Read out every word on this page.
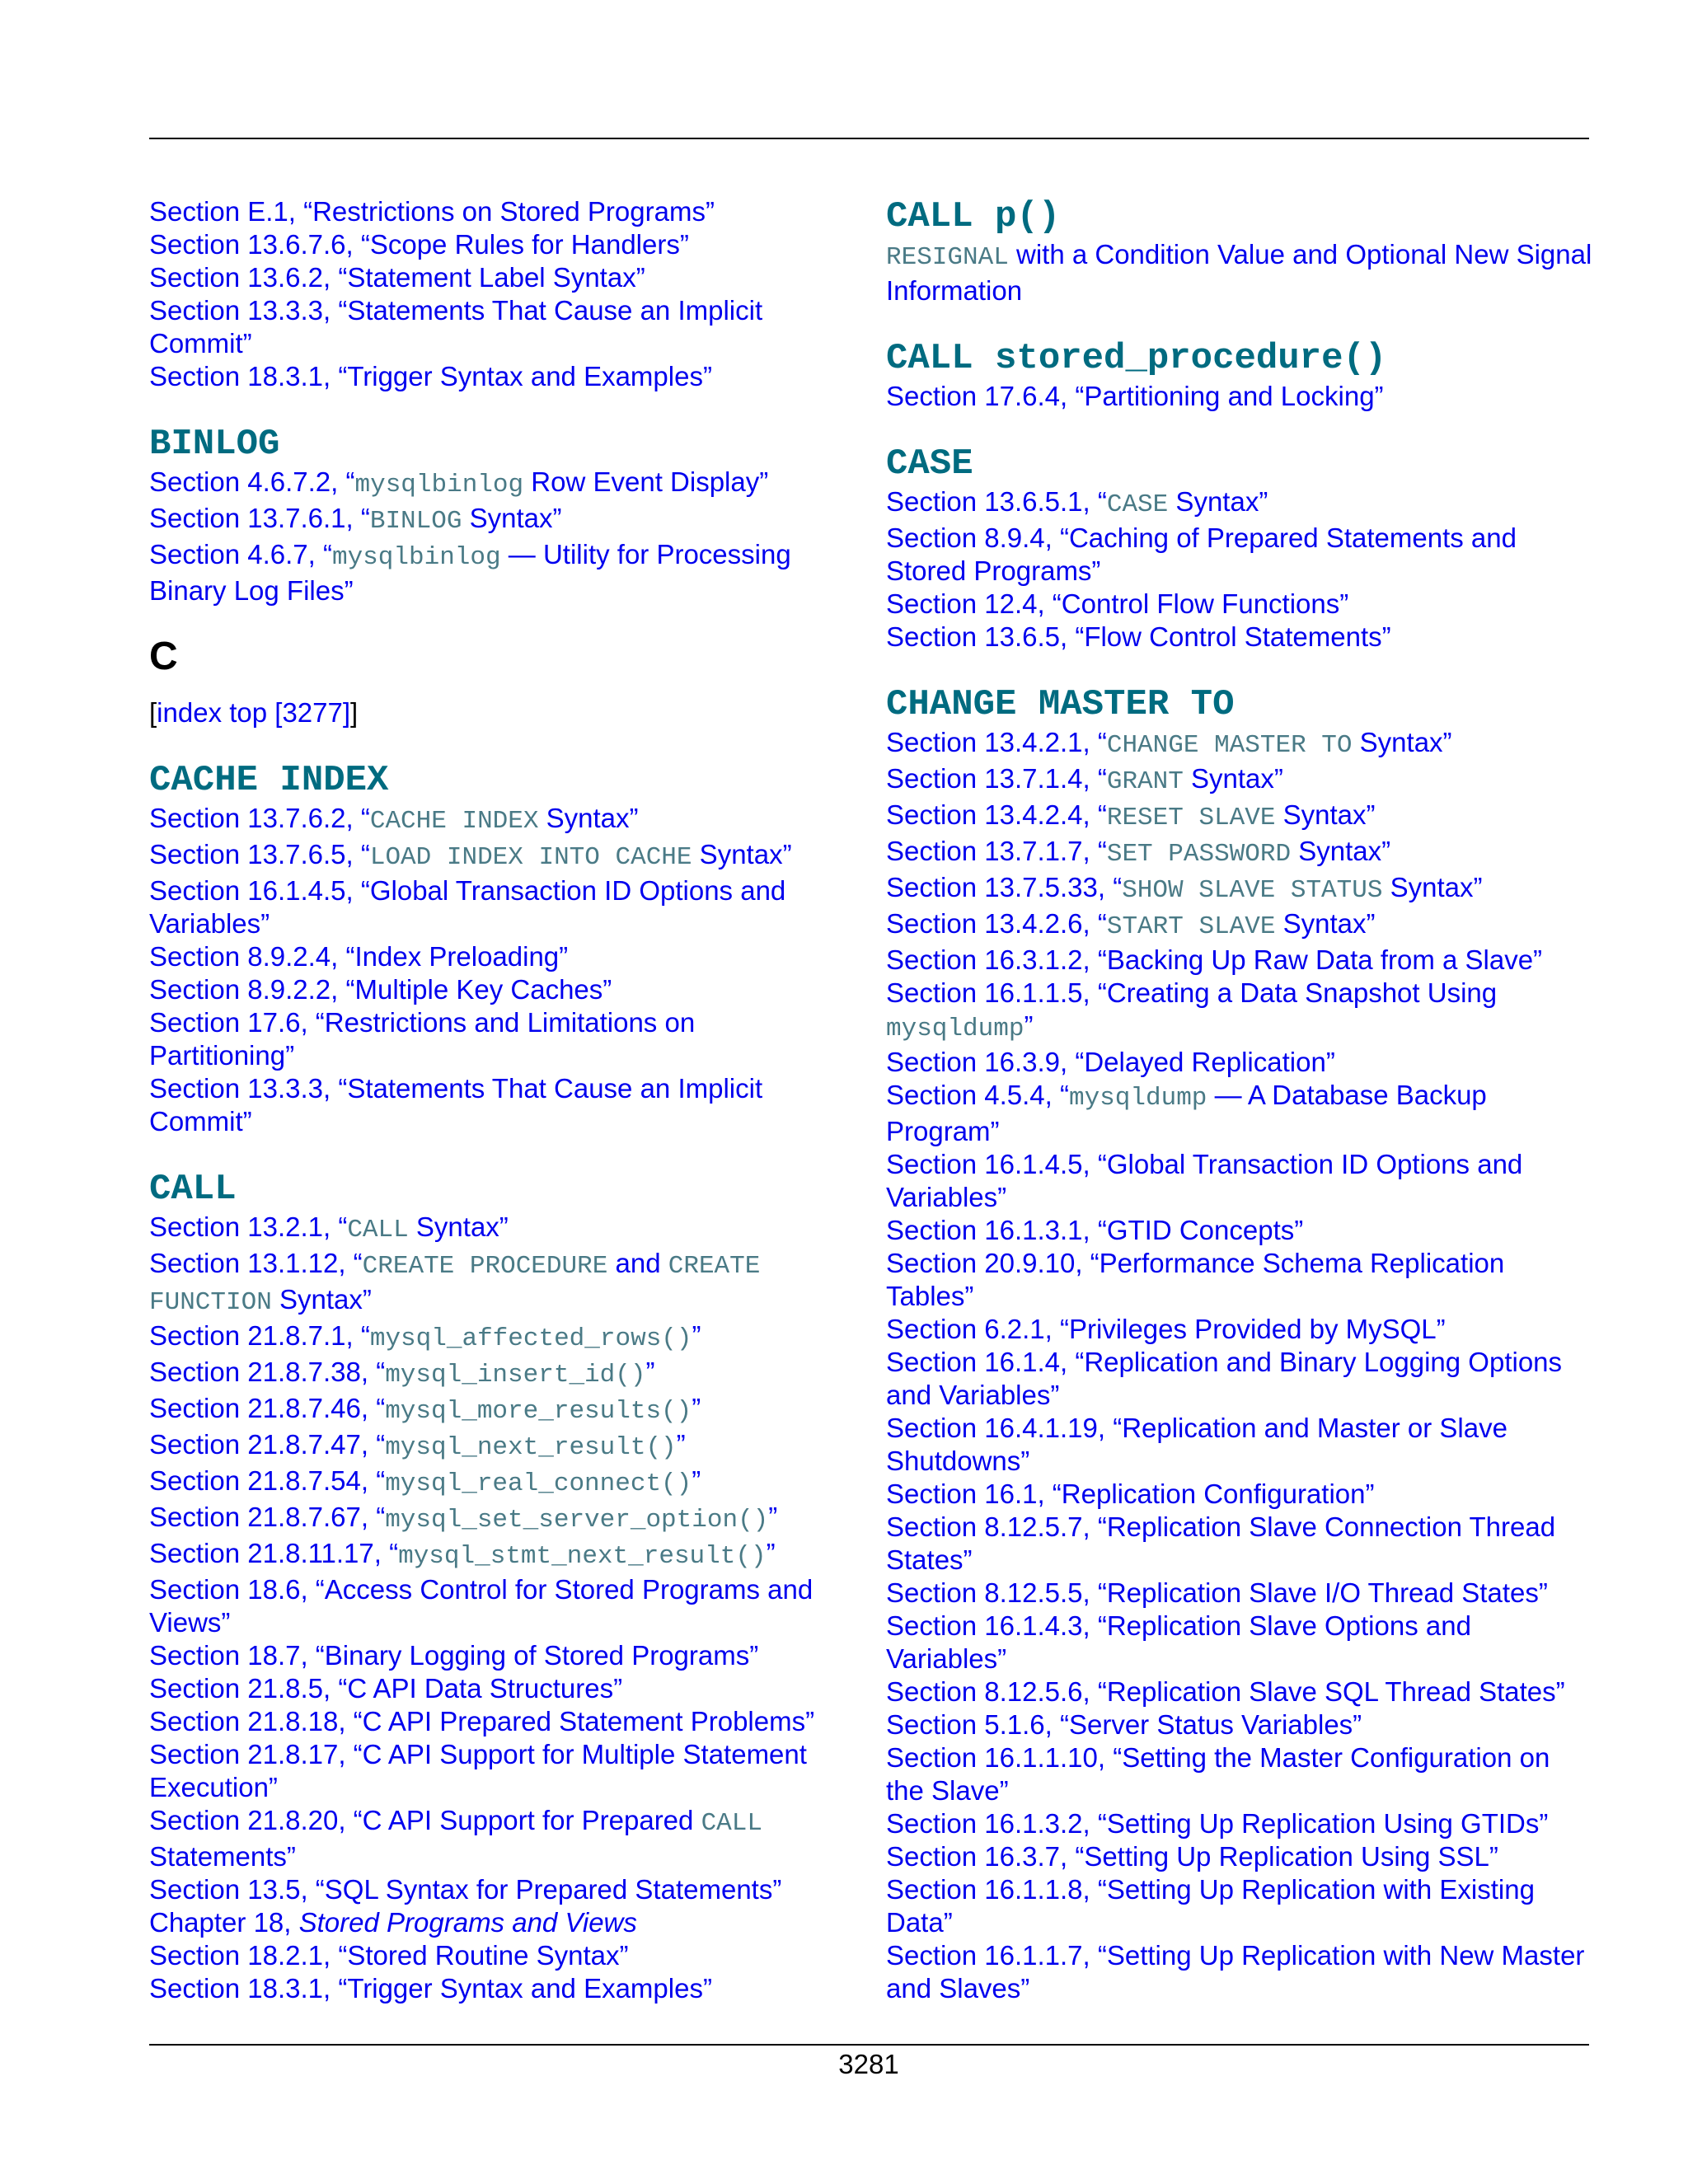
Section E.1, “Restrictions on Stored Programs”
Section 13.6.7.6, “Scope Rules for Handlers”
Section 13.6.2, “Statement Label Syntax”
Section 13.3.3, “Statements That Cause an Implicit Commit”
Section 18.3.1, “Trigger Syntax and Examples”
BINLOG
Section 4.6.7.2, “mysqlbinlog Row Event Display”
Section 13.7.6.1, “BINLOG Syntax”
Section 4.6.7, “mysqlbinlog — Utility for Processing Binary Log Files”
C
[index top [3277]]
CACHE INDEX
Section 13.7.6.2, “CACHE INDEX Syntax”
Section 13.7.6.5, “LOAD INDEX INTO CACHE Syntax”
Section 16.1.4.5, “Global Transaction ID Options and Variables”
Section 8.9.2.4, “Index Preloading”
Section 8.9.2.2, “Multiple Key Caches”
Section 17.6, “Restrictions and Limitations on Partitioning”
Section 13.3.3, “Statements That Cause an Implicit Commit”
CALL
Section 13.2.1, “CALL Syntax”
Section 13.1.12, “CREATE PROCEDURE and CREATE FUNCTION Syntax”
Section 21.8.7.1, “mysql_affected_rows()”
Section 21.8.7.38, “mysql_insert_id()”
Section 21.8.7.46, “mysql_more_results()”
Section 21.8.7.47, “mysql_next_result()”
Section 21.8.7.54, “mysql_real_connect()”
Section 21.8.7.67, “mysql_set_server_option()”
Section 21.8.11.17, “mysql_stmt_next_result()”
Section 18.6, “Access Control for Stored Programs and Views”
Section 18.7, “Binary Logging of Stored Programs”
Section 21.8.5, “C API Data Structures”
Section 21.8.18, “C API Prepared Statement Problems”
Section 21.8.17, “C API Support for Multiple Statement Execution”
Section 21.8.20, “C API Support for Prepared CALL Statements”
Section 13.5, “SQL Syntax for Prepared Statements”
Chapter 18, Stored Programs and Views
Section 18.2.1, “Stored Routine Syntax”
Section 18.3.1, “Trigger Syntax and Examples”
CALL p()
RESIGNAL with a Condition Value and Optional New Signal Information
CALL stored_procedure()
Section 17.6.4, “Partitioning and Locking”
CASE
Section 13.6.5.1, “CASE Syntax”
Section 8.9.4, “Caching of Prepared Statements and Stored Programs”
Section 12.4, “Control Flow Functions”
Section 13.6.5, “Flow Control Statements”
CHANGE MASTER TO
Section 13.4.2.1, “CHANGE MASTER TO Syntax”
Section 13.7.1.4, “GRANT Syntax”
Section 13.4.2.4, “RESET SLAVE Syntax”
Section 13.7.1.7, “SET PASSWORD Syntax”
Section 13.7.5.33, “SHOW SLAVE STATUS Syntax”
Section 13.4.2.6, “START SLAVE Syntax”
Section 16.3.1.2, “Backing Up Raw Data from a Slave”
Section 16.1.1.5, “Creating a Data Snapshot Using mysqldump”
Section 16.3.9, “Delayed Replication”
Section 4.5.4, “mysqldump — A Database Backup Program”
Section 16.1.4.5, “Global Transaction ID Options and Variables”
Section 16.1.3.1, “GTID Concepts”
Section 20.9.10, “Performance Schema Replication Tables”
Section 6.2.1, “Privileges Provided by MySQL”
Section 16.1.4, “Replication and Binary Logging Options and Variables”
Section 16.4.1.19, “Replication and Master or Slave Shutdowns”
Section 16.1, “Replication Configuration”
Section 8.12.5.7, “Replication Slave Connection Thread States”
Section 8.12.5.5, “Replication Slave I/O Thread States”
Section 16.1.4.3, “Replication Slave Options and Variables”
Section 8.12.5.6, “Replication Slave SQL Thread States”
Section 5.1.6, “Server Status Variables”
Section 16.1.1.10, “Setting the Master Configuration on the Slave”
Section 16.1.3.2, “Setting Up Replication Using GTIDs”
Section 16.3.7, “Setting Up Replication Using SSL”
Section 16.1.1.8, “Setting Up Replication with Existing Data”
Section 16.1.1.7, “Setting Up Replication with New Master and Slaves”
3281
